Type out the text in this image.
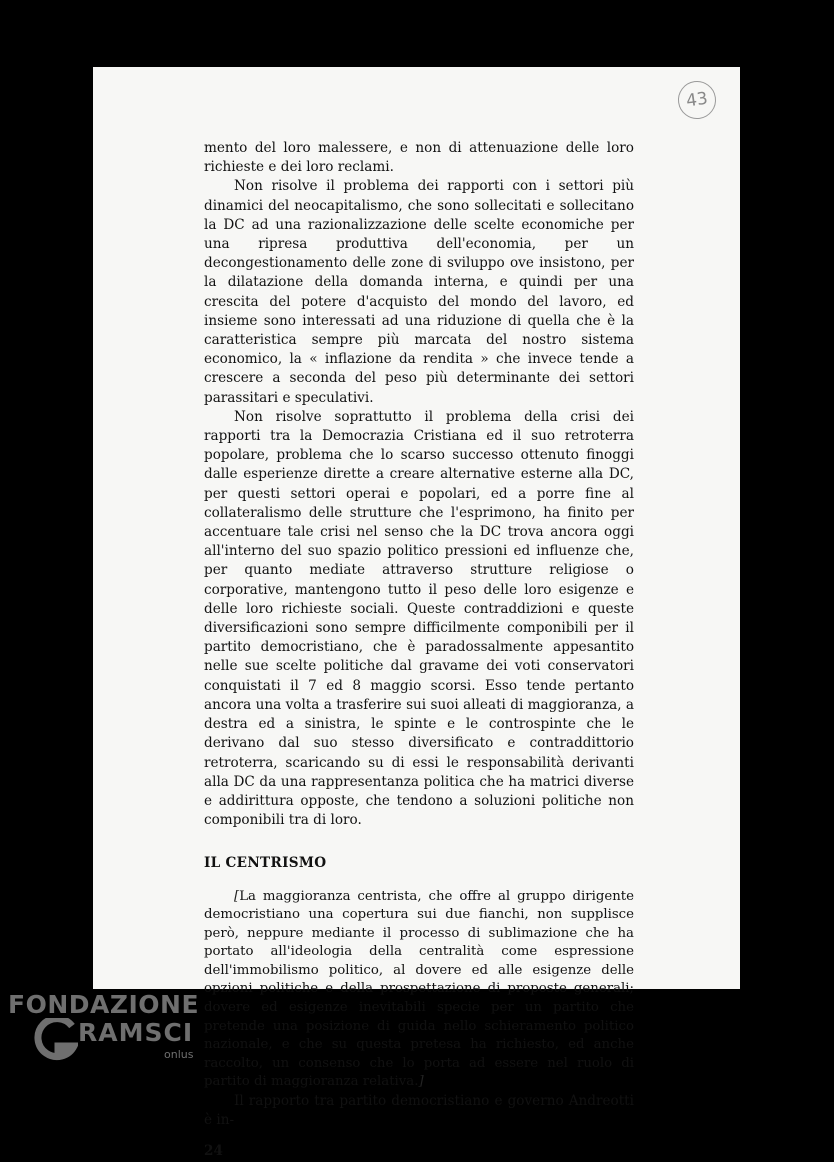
43

mento del loro malessere, e non di attenuazione delle loro richieste e dei loro reclami.

Non risolve il problema dei rapporti con i settori più dinamici del neocapitalismo, che sono sollecitati e sollecitano la DC ad una razionalizzazione delle scelte economiche per una ripresa produttiva dell'economia, per un decongestionamento delle zone di sviluppo ove insistono, per la dilatazione della domanda interna, e quindi per una crescita del potere d'acquisto del mondo del lavoro, ed insieme sono interessati ad una riduzione di quella che è la caratteristica sempre più marcata del nostro sistema economico, la « inflazione da rendita » che invece tende a crescere a seconda del peso più determinante dei settori parassitari e speculativi.

Non risolve soprattutto il problema della crisi dei rapporti tra la Democrazia Cristiana ed il suo retroterra popolare, problema che lo scarso successo ottenuto finoggi dalle esperienze dirette a creare alternative esterne alla DC, per questi settori operai e popolari, ed a porre fine al collateralismo delle strutture che l'esprimono, ha finito per accentuare tale crisi nel senso che la DC trova ancora oggi all'interno del suo spazio politico pressioni ed influenze che, per quanto mediate attraverso strutture religiose o corporative, mantengono tutto il peso delle loro esigenze e delle loro richieste sociali. Queste contraddizioni e queste diversificazioni sono sempre difficilmente componibili per il partito democristiano, che è paradossalmente appesantito nelle sue scelte politiche dal gravame dei voti conservatori conquistati il 7 ed 8 maggio scorsi. Esso tende pertanto ancora una volta a trasferire sui suoi alleati di maggioranza, a destra ed a sinistra, le spinte e le controspinte che le derivano dal suo stesso diversificato e contraddittorio retroterra, scaricando su di essi le responsabilità derivanti alla DC da una rappresentanza politica che ha matrici diverse e addirittura opposte, che tendono a soluzioni politiche non componibili tra di loro.

IL CENTRISMO

[La maggioranza centrista, che offre al gruppo dirigente democristiano una copertura sui due fianchi, non supplisce però, neppure mediante il processo di sublimazione che ha portato all'ideologia della centralità come espressione dell'immobilismo politico, al dovere ed alle esigenze delle opzioni politiche e della prospettazione di proposte generali; dovere ed esigenze inevitabili specie per un partito che pretende una posizione di guida nello schieramento politico nazionale, e che su questa pretesa ha richiesto, ed anche raccolto, un consenso che lo porta ad essere nel ruolo di partito di maggioranza relativa.]

Il rapporto tra partito democristiano e governo Andreotti è in-

24

FONDAZIONE
RAMSCI
onlus
